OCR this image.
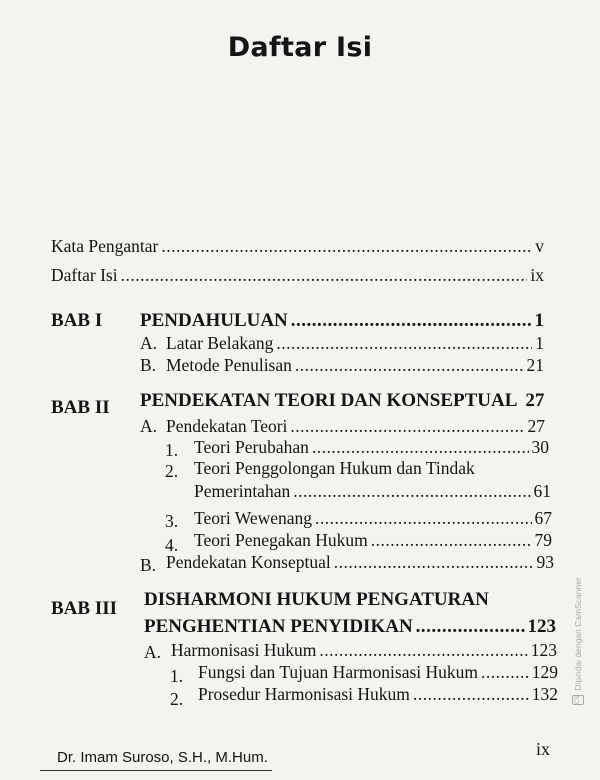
Daftar Isi
Kata Pengantar .....	v
Daftar Isi .....	ix
BAB I PENDAHULUAN .....	1
A. Latar Belakang .....	1
B. Metode Penulisan .....	21
BAB II PENDEKATAN TEORI DAN KONSEPTUAL 27
A. Pendekatan Teori .....	27
1. Teori Perubahan .....	30
2. Teori Penggolongan Hukum dan Tindak
Pemerintahan .....	61
3. Teori Wewenang .....	67
4. Teori Penegakan Hukum .....	79
B. Pendekatan Konseptual .....	93
BAB III DISHARMONI HUKUM PENGATURAN
PENGHENTIAN PENYIDIKAN .....	123
A. Harmonisasi Hukum .....	123
1. Fungsi dan Tujuan Harmonisasi Hukum .....	129
2. Prosedur Harmonisasi Hukum .....	132
Dr. Imam Suroso, S.H., M.Hum.	ix
CS
Dipindai dengan CamScanner
